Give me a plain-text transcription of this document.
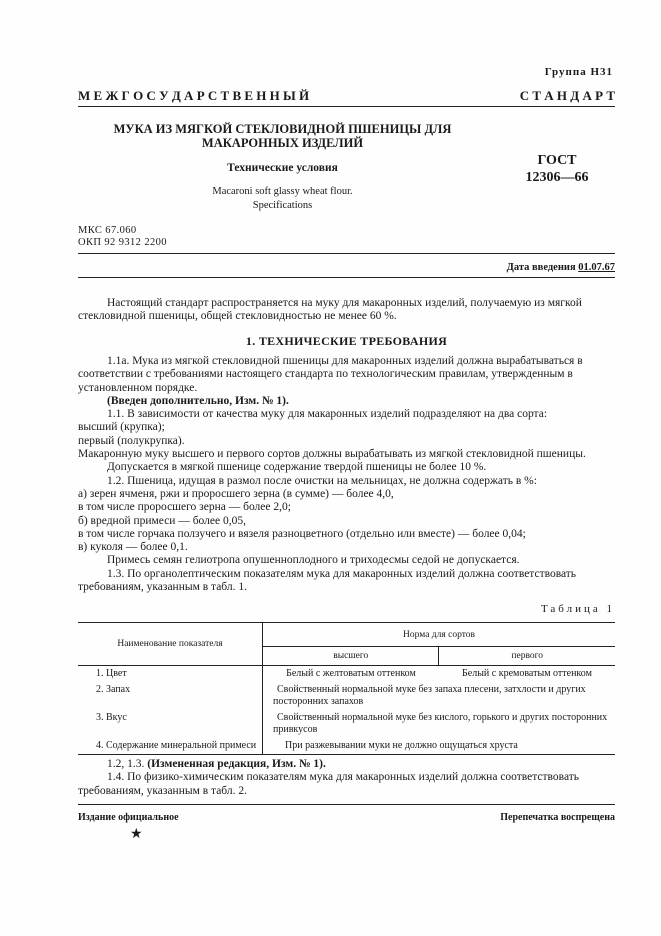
Группа Н31
М Е Ж Г О С У Д А Р С Т В Е Н Н Ы Й	С Т А Н Д А Р Т
МУКА ИЗ МЯГКОЙ СТЕКЛОВИДНОЙ ПШЕНИЦЫ ДЛЯ
МАКАРОННЫХ ИЗДЕЛИЙ
Технические условия
Macaroni soft glassy wheat flour.
Specifications
ГОСТ
12306—66
МКС 67.060
ОКП 92 9312 2200
Дата введения 01.07.67

Настоящий стандарт распространяется на муку для макаронных изделий, получаемую из мягкой стекловидной пшеницы, общей стекловидностью не менее 60 %.

1. ТЕХНИЧЕСКИЕ ТРЕБОВАНИЯ

1.1а. Мука из мягкой стекловидной пшеницы для макаронных изделий должна вырабатываться в соответствии с требованиями настоящего стандарта по технологическим правилам, утвержденным в установленном порядке.

(Введен дополнительно, Изм. № 1).

1.1. В зависимости от качества муку для макаронных изделий подразделяют на два сорта:

высший (крупка);

первый (полукрупка).

Макаронную муку высшего и первого сортов должны вырабатывать из мягкой стекловидной пшеницы.

Допускается в мягкой пшенице содержание твердой пшеницы не более 10 %.

1.2. Пшеница, идущая в размол после очистки на мельницах, не должна содержать в %:

а) зерен ячменя, ржи и проросшего зерна (в сумме) — более 4,0,

в том числе проросшего зерна — более 2,0;

б) вредной примеси — более 0,05,

в том числе горчака ползучего и вязеля разноцветного (отдельно или вместе) — более 0,04;

в) куколя — более 0,1.

Примесь семян гелиотропа опушенноплодного и триходесмы седой не допускается.

1.3. По органолептическим показателям мука для макаронных изделий должна соответствовать требованиям, указанным в табл. 1.

Таблица 1
Наименование показателя	Норма для сортов	
	высшего	первого
1. Цвет	Белый с желтоватым оттенком	Белый с кремоватым оттенком
2. Запах	Свойственный нормальной муке без запаха плесени, затхлости и других посторонних запахов	
3. Вкус	Свойственный нормальной муке без кислого, горького и других посторонних привкусов	
4. Содержание минеральной примеси	При разжевывании муки не должно ощущаться хруста	

1.2, 1.3. (Измененная редакция, Изм. № 1).

1.4. По физико-химическим показателям мука для макаронных изделий должна соответствовать требованиям, указанным в табл. 2.

Издание официальное	Перепечатка воспрещена
★
